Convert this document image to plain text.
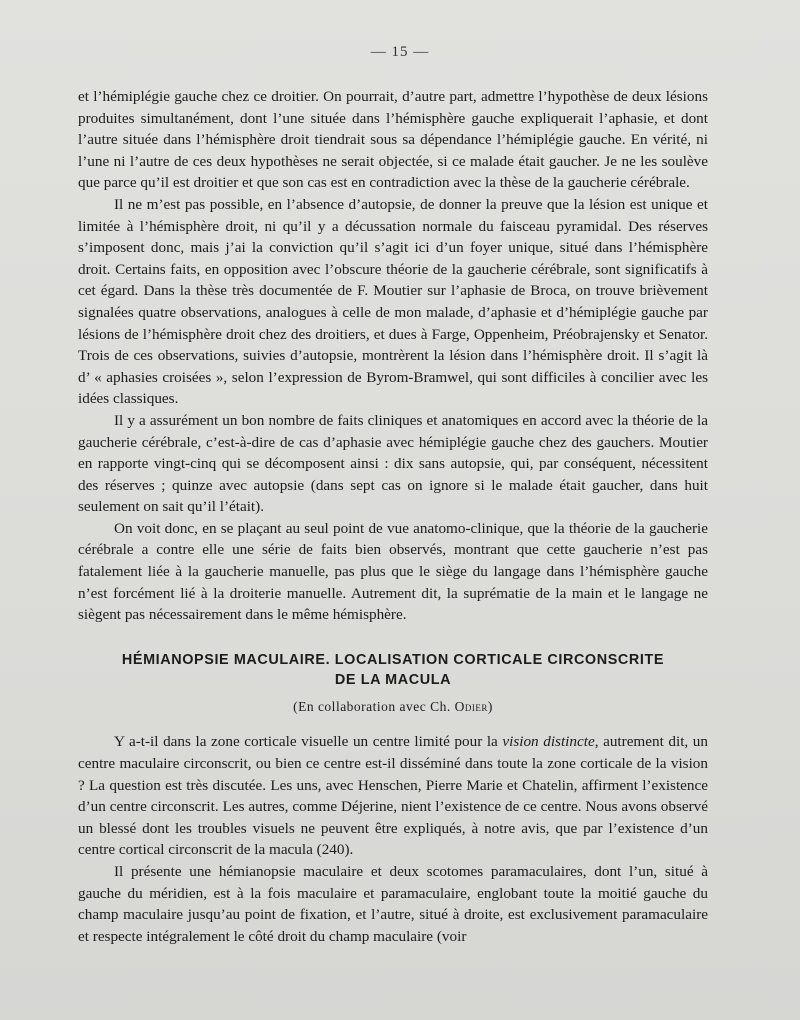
— 15 —

et l’hémiplégie gauche chez ce droitier. On pourrait, d’autre part, admettre l’hypothèse de deux lésions produites simultanément, dont l’une située dans l’hémisphère gauche expliquerait l’aphasie, et dont l’autre située dans l’hémisphère droit tiendrait sous sa dépendance l’hémiplégie gauche. En vérité, ni l’une ni l’autre de ces deux hypothèses ne serait objectée, si ce malade était gaucher. Je ne les soulève que parce qu’il est droitier et que son cas est en contradiction avec la thèse de la gaucherie cérébrale.

Il ne m’est pas possible, en l’absence d’autopsie, de donner la preuve que la lésion est unique et limitée à l’hémisphère droit, ni qu’il y a décussation normale du faisceau pyramidal. Des réserves s’imposent donc, mais j’ai la conviction qu’il s’agit ici d’un foyer unique, situé dans l’hémisphère droit. Certains faits, en opposition avec l’obscure théorie de la gaucherie cérébrale, sont significatifs à cet égard. Dans la thèse très documentée de F. Moutier sur l’aphasie de Broca, on trouve brièvement signalées quatre observations, analogues à celle de mon malade, d’aphasie et d’hémiplégie gauche par lésions de l’hémisphère droit chez des droitiers, et dues à Farge, Oppenheim, Préobrajensky et Senator. Trois de ces observations, suivies d’autopsie, montrèrent la lésion dans l’hémisphère droit. Il s’agit là d’ « aphasies croisées », selon l’expression de Byrom-Bramwel, qui sont difficiles à concilier avec les idées classiques.

Il y a assurément un bon nombre de faits cliniques et anatomiques en accord avec la théorie de la gaucherie cérébrale, c’est-à-dire de cas d’aphasie avec hémiplégie gauche chez des gauchers. Moutier en rapporte vingt-cinq qui se décomposent ainsi : dix sans autopsie, qui, par conséquent, nécessitent des réserves ; quinze avec autopsie (dans sept cas on ignore si le malade était gaucher, dans huit seulement on sait qu’il l’était).

On voit donc, en se plaçant au seul point de vue anatomo-clinique, que la théorie de la gaucherie cérébrale a contre elle une série de faits bien observés, montrant que cette gaucherie n’est pas fatalement liée à la gaucherie manuelle, pas plus que le siège du langage dans l’hémisphère gauche n’est forcément lié à la droiterie manuelle. Autrement dit, la suprématie de la main et le langage ne siègent pas nécessairement dans le même hémisphère.

HÉMIANOPSIE MACULAIRE. LOCALISATION CORTICALE CIRCONSCRITE
DE LA MACULA
(En collaboration avec Ch. Odier)

Y a-t-il dans la zone corticale visuelle un centre limité pour la vision distincte, autrement dit, un centre maculaire circonscrit, ou bien ce centre est-il disséminé dans toute la zone corticale de la vision ? La question est très discutée. Les uns, avec Henschen, Pierre Marie et Chatelin, affirment l’existence d’un centre circonscrit. Les autres, comme Déjerine, nient l’existence de ce centre. Nous avons observé un blessé dont les troubles visuels ne peuvent être expliqués, à notre avis, que par l’existence d’un centre cortical circonscrit de la macula (240).

Il présente une hémianopsie maculaire et deux scotomes paramaculaires, dont l’un, situé à gauche du méridien, est à la fois maculaire et paramaculaire, englobant toute la moitié gauche du champ maculaire jusqu’au point de fixation, et l’autre, situé à droite, est exclusivement paramaculaire et respecte intégralement le côté droit du champ maculaire (voir
